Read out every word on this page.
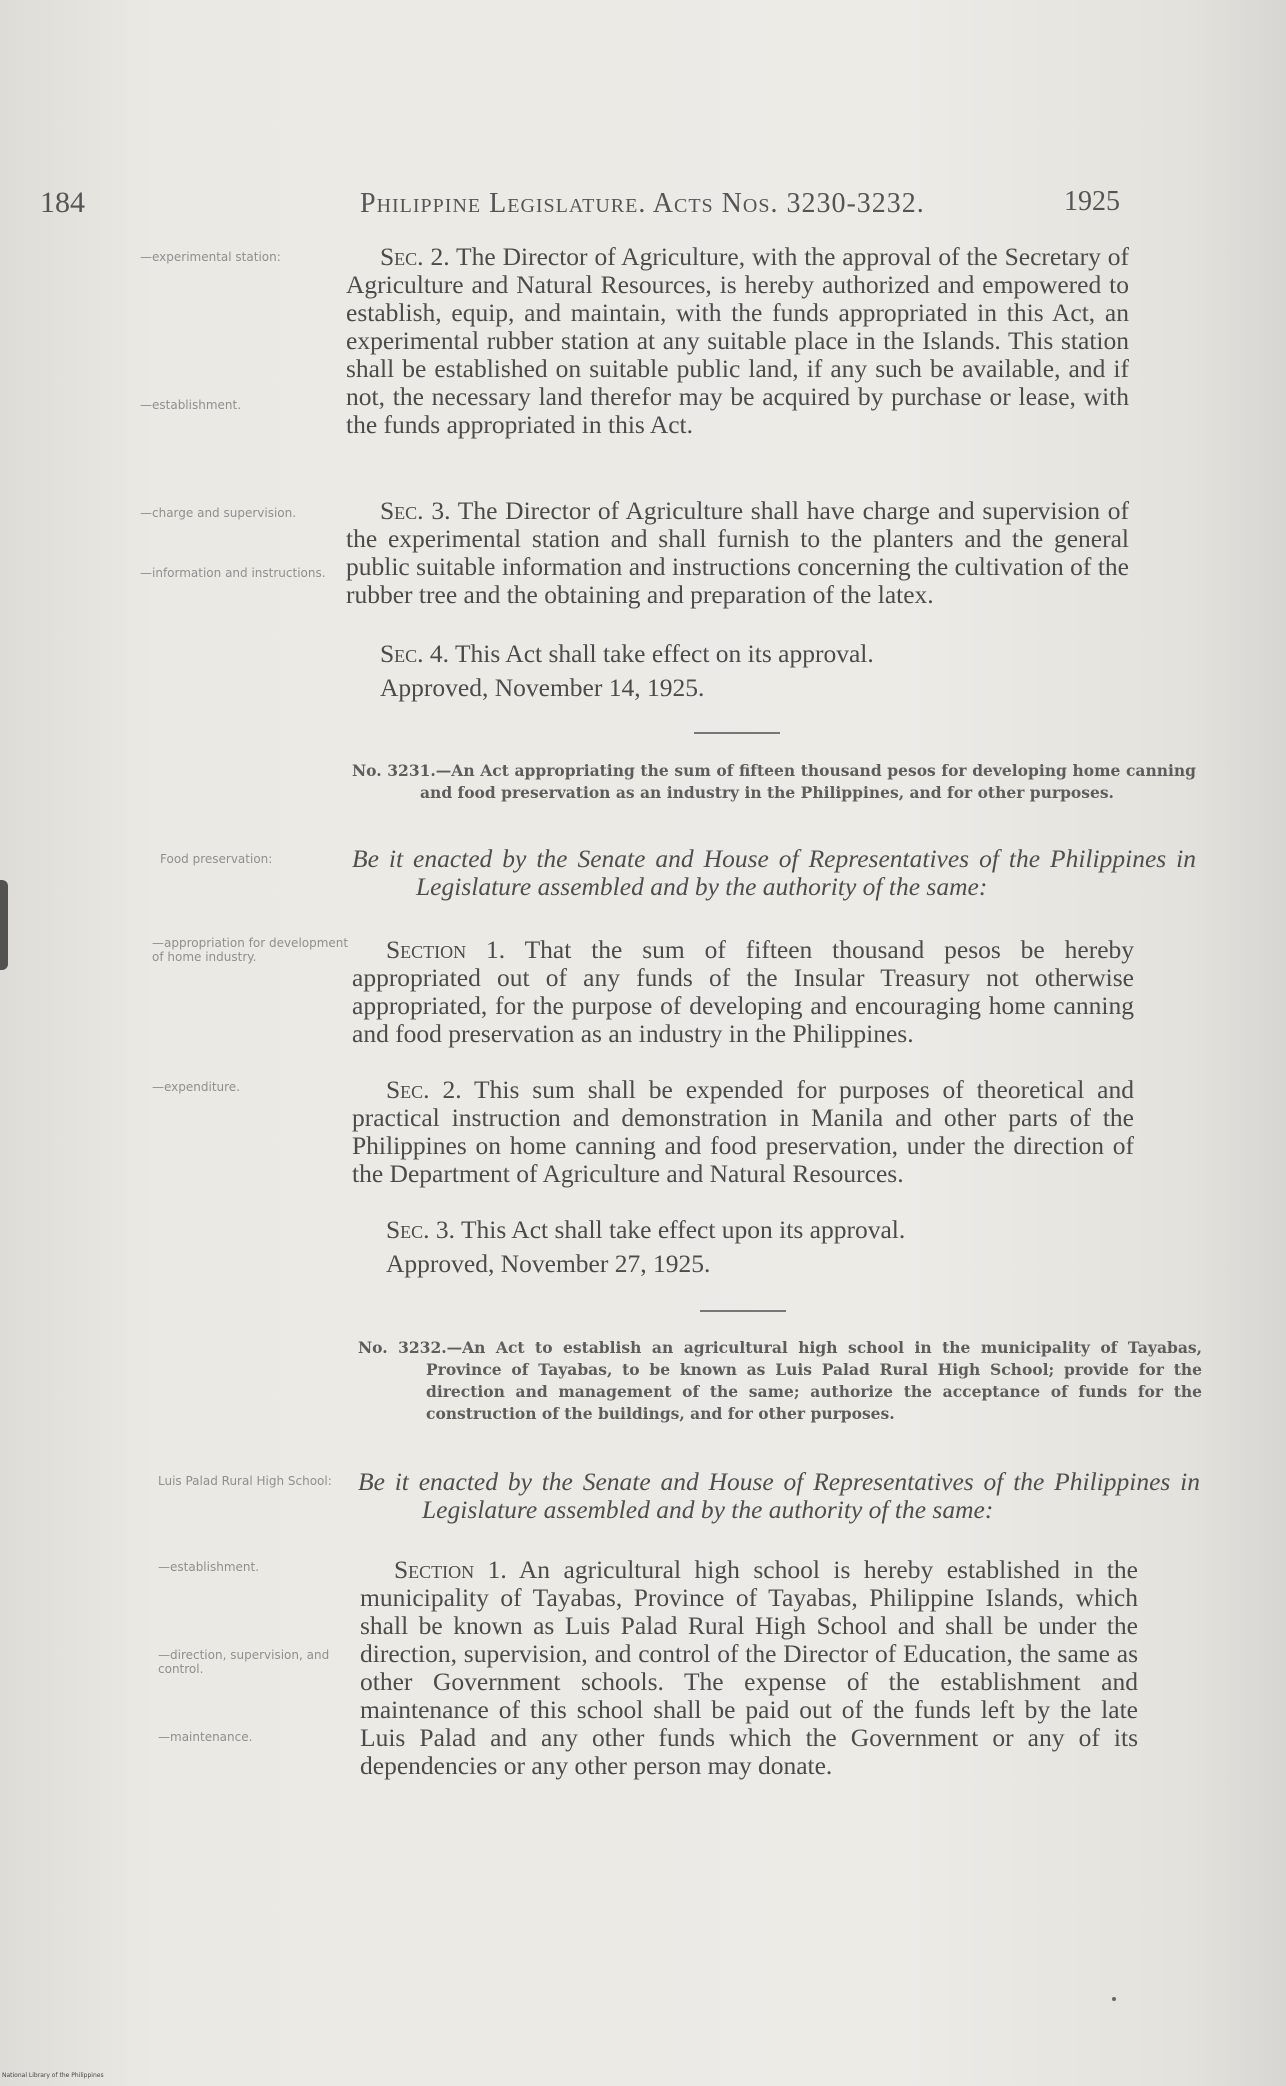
184	Philippine Legislature. Acts Nos. 3230-3232.	1925
—experimental station:
—establishment.
—charge and supervision.
—information and instructions.
Sec. 2. The Director of Agriculture, with the approval of the Secretary of Agriculture and Natural Resources, is hereby authorized and empowered to establish, equip, and maintain, with the funds appropriated in this Act, an experimental rubber station at any suitable place in the Islands. This station shall be established on suitable public land, if any such be available, and if not, the necessary land therefor may be acquired by purchase or lease, with the funds appropriated in this Act.
Sec. 3. The Director of Agriculture shall have charge and supervision of the experimental station and shall furnish to the planters and the general public suitable information and instructions concerning the cultivation of the rubber tree and the obtaining and preparation of the latex.
Sec. 4. This Act shall take effect on its approval.
Approved, November 14, 1925.
No. 3231.—An Act appropriating the sum of fifteen thousand pesos for developing home canning and food preservation as an industry in the Philippines, and for other purposes.
Food preservation:
—appropriation for development of home industry.
—expenditure.
Be it enacted by the Senate and House of Representatives of the Philippines in Legislature assembled and by the authority of the same:
Section 1. That the sum of fifteen thousand pesos be hereby appropriated out of any funds of the Insular Treasury not otherwise appropriated, for the purpose of developing and encouraging home canning and food preservation as an industry in the Philippines.
Sec. 2. This sum shall be expended for purposes of theoretical and practical instruction and demonstration in Manila and other parts of the Philippines on home canning and food preservation, under the direction of the Department of Agriculture and Natural Resources.
Sec. 3. This Act shall take effect upon its approval.
Approved, November 27, 1925.
No. 3232.—An Act to establish an agricultural high school in the municipality of Tayabas, Province of Tayabas, to be known as Luis Palad Rural High School; provide for the direction and management of the same; authorize the acceptance of funds for the construction of the buildings, and for other purposes.
Luis Palad Rural High School:
—establishment.
—direction, supervision, and control.
—maintenance.
Be it enacted by the Senate and House of Representatives of the Philippines in Legislature assembled and by the authority of the same:
Section 1. An agricultural high school is hereby established in the municipality of Tayabas, Province of Tayabas, Philippine Islands, which shall be known as Luis Palad Rural High School and shall be under the direction, supervision, and control of the Director of Education, the same as other Government schools. The expense of the establishment and maintenance of this school shall be paid out of the funds left by the late Luis Palad and any other funds which the Government or any of its dependencies or any other person may donate.
National Library of the Philippines
